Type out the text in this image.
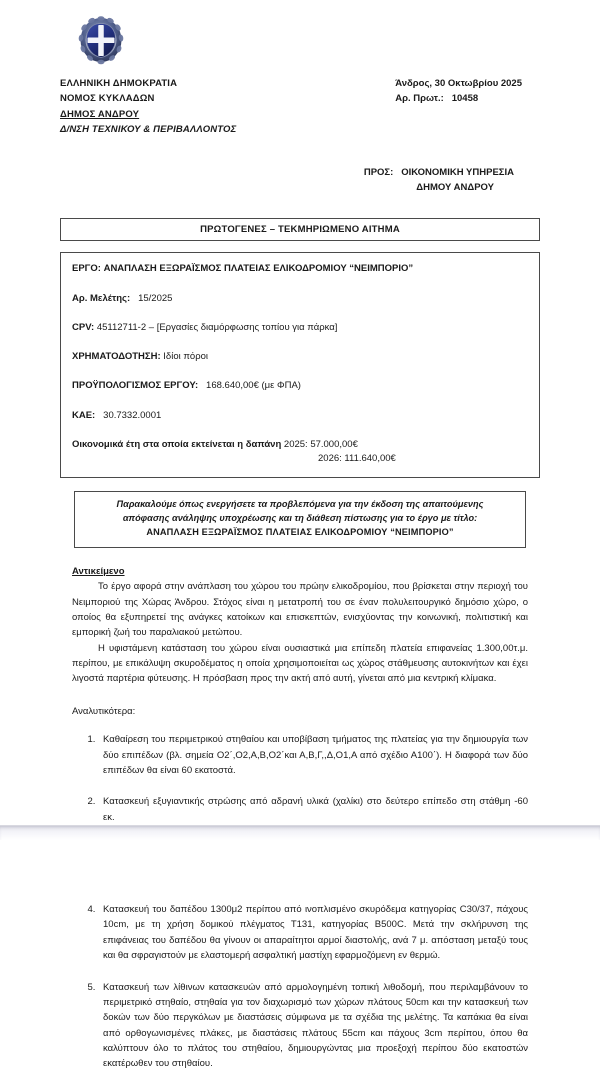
ΕΛΛΗΝΙΚΗ ΔΗΜΟΚΡΑΤΙΑ
ΝΟΜΟΣ ΚΥΚΛΑΔΩΝ
ΔΗΜΟΣ ΑΝΔΡΟΥ
Δ/ΝΣΗ ΤΕΧΝΙΚΟΥ & ΠΕΡΙΒΑΛΛΟΝΤΟΣ
Άνδρος, 30 Οκτωβρίου 2025
Αρ. Πρωτ.: 10458
ΠΡΟΣ: ΟΙΚΟΝΟΜΙΚΗ ΥΠΗΡΕΣΙΑ
ΔΗΜΟΥ ΑΝΔΡΟΥ
ΠΡΩΤΟΓΕΝΕΣ – ΤΕΚΜΗΡΙΩΜΕΝΟ ΑΙΤΗΜΑ
ΕΡΓΟ: ΑΝΑΠΛΑΣΗ ΕΞΩΡΑΪΣΜΟΣ ΠΛΑΤΕΙΑΣ ΕΛΙΚΟΔΡΟΜΙΟΥ “ΝΕΙΜΠΟΡΙΟ”
Αρ. Μελέτης: 15/2025
CPV: 45112711-2 – [Εργασίες διαμόρφωσης τοπίου για πάρκα]
ΧΡΗΜΑΤΟΔΟΤΗΣΗ: Ιδίοι πόροι
ΠΡΟΫΠΟΛΟΓΙΣΜΟΣ ΕΡΓΟΥ: 168.640,00€ (με ΦΠΑ)
ΚΑΕ: 30.7332.0001
Οικονομικά έτη στα οποία εκτείνεται η δαπάνη 2025: 57.000,00€
2026: 111.640,00€
Παρακαλούμε όπως ενεργήσετε τα προβλεπόμενα για την έκδοση της απαιτούμενης
απόφασης ανάληψης υποχρέωσης και τη διάθεση πίστωσης για το έργο με τίτλο:
ΑΝΑΠΛΑΣΗ ΕΞΩΡΑΪΣΜΟΣ ΠΛΑΤΕΙΑΣ ΕΛΙΚΟΔΡΟΜΙΟΥ “ΝΕΙΜΠΟΡΙΟ”
Αντικείμενο

Το έργο αφορά στην ανάπλαση του χώρου του πρώην ελικοδρομίου, που βρίσκεται στην περιοχή του Νειμποριού της Χώρας Άνδρου. Στόχος είναι η μετατροπή του σε έναν πολυλειτουργικό δημόσιο χώρο, ο οποίος θα εξυπηρετεί της ανάγκες κατοίκων και επισκεπτών, ενισχύοντας την κοινωνική, πολιτιστική και εμπορική ζωή του παραλιακού μετώπου.

Η υφιστάμενη κατάσταση του χώρου είναι ουσιαστικά μια επίπεδη πλατεία επιφανείας 1.300,00τ.μ. περίπου, με επικάλυψη σκυροδέματος η οποία χρησιμοποιείται ως χώρος στάθμευσης αυτοκινήτων και έχει λιγοστά παρτέρια φύτευσης. Η πρόσβαση προς την ακτή από αυτή, γίνεται από μια κεντρική κλίμακα.

Αναλυτικότερα:
1. Καθαίρεση του περιμετρικού στηθαίου και υποβίβαση τμήματος της πλατείας για την δημιουργία των δύο επιπέδων (βλ. σημεία Ο2΄,Ο2,Α,Β,Ο2΄και Α,Β,Γ,,Δ,Ο1,Α από σχέδιο Α100΄). Η διαφορά των δύο επιπέδων θα είναι 60 εκατοστά.
2. Κατασκευή εξυγιαντικής στρώσης από αδρανή υλικά (χαλίκι) στο δεύτερο επίπεδο στη στάθμη -60 εκ.
3.
4. Κατασκευή του δαπέδου 1300μ2 περίπου από ινοπλισμένο σκυρόδεμα κατηγορίας C30/37, πάχους 10cm, με τη χρήση δομικού πλέγματος Τ131, κατηγορίας B500C. Μετά την σκλήρυνση της επιφάνειας του δαπέδου θα γίνουν οι απαραίτητοι αρμοί διαστολής, ανά 7 μ. απόσταση μεταξύ τους και θα σφραγιστούν με ελαστομερή ασφαλτική μαστίχη εφαρμοζόμενη εν θερμώ.
5. Κατασκευή των λίθινων κατασκευών από αρμολογημένη τοπική λιθοδομή, που περιλαμβάνουν το περιμετρικό στηθαίο, στηθαία για τον διαχωρισμό των χώρων πλάτους 50cm και την κατασκευή των δοκών των δύο περγκόλων με διαστάσεις σύμφωνα με τα σχέδια της μελέτης. Τα καπάκια θα είναι από ορθογωνισμένες πλάκες, με διαστάσεις πλάτους 55cm και πάχους 3cm περίπου, όπου θα καλύπτουν όλο το πλάτος του στηθαίου, δημιουργώντας μια προεξοχή περίπου δύο εκατοστών εκατέρωθεν του στηθαίου.
